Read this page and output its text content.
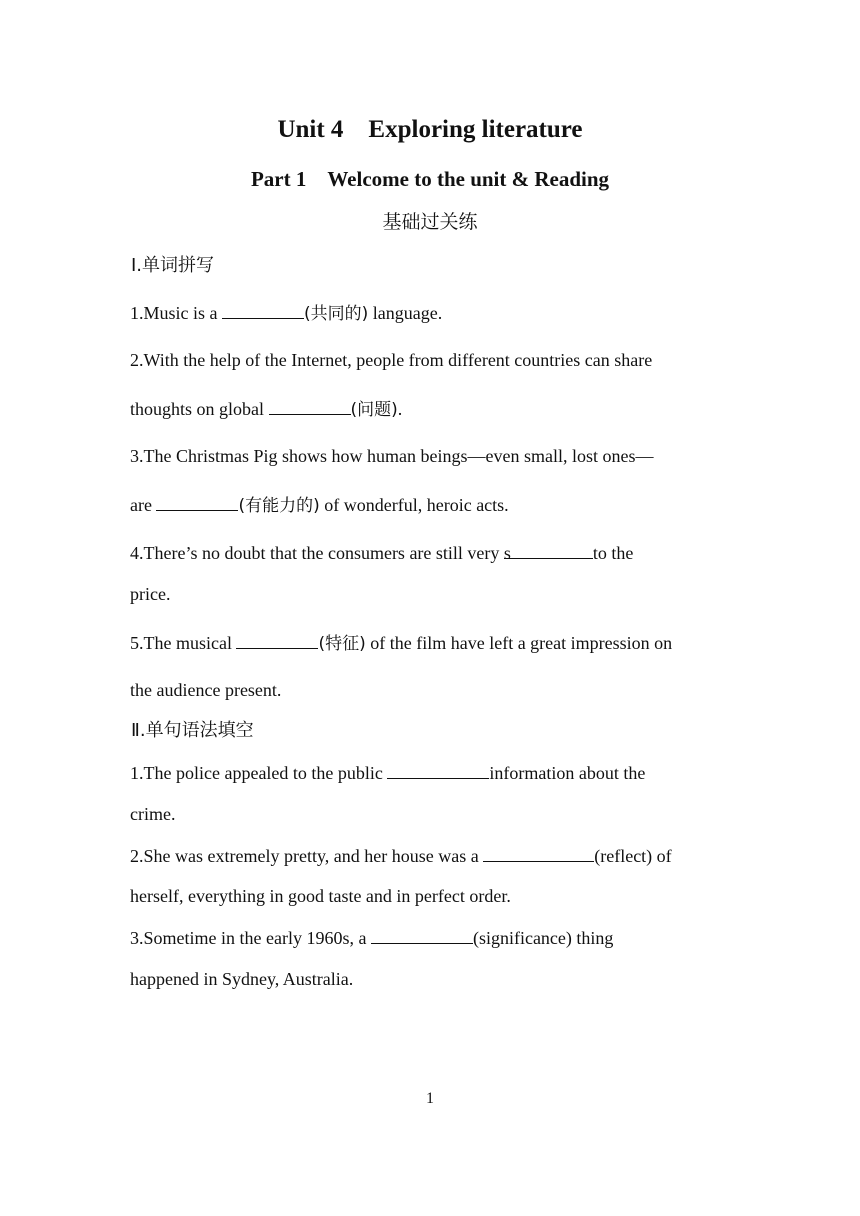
Unit 4 Exploring literature
Part 1 Welcome to the unit & Reading
基础过关练
Ⅰ.单词拼写
1.Music is a	(共同的) language.
2.With the help of the Internet, people from different countries can share
thoughts on global	(问题).
3.The Christmas Pig shows how human beings—even small, lost ones—
are	(有能力的) of wonderful, heroic acts.
4.There’s no doubt that the consumers are still very s	to the
price.
5.The musical	(特征) of the film have left a great impression on
the audience present.
Ⅱ.单句语法填空
1.The police appealed to the public	information about the
crime.
2.She was extremely pretty, and her house was a	(reflect) of
herself, everything in good taste and in perfect order.
3.Sometime in the early 1960s, a	(significance) thing
happened in Sydney, Australia.
1
